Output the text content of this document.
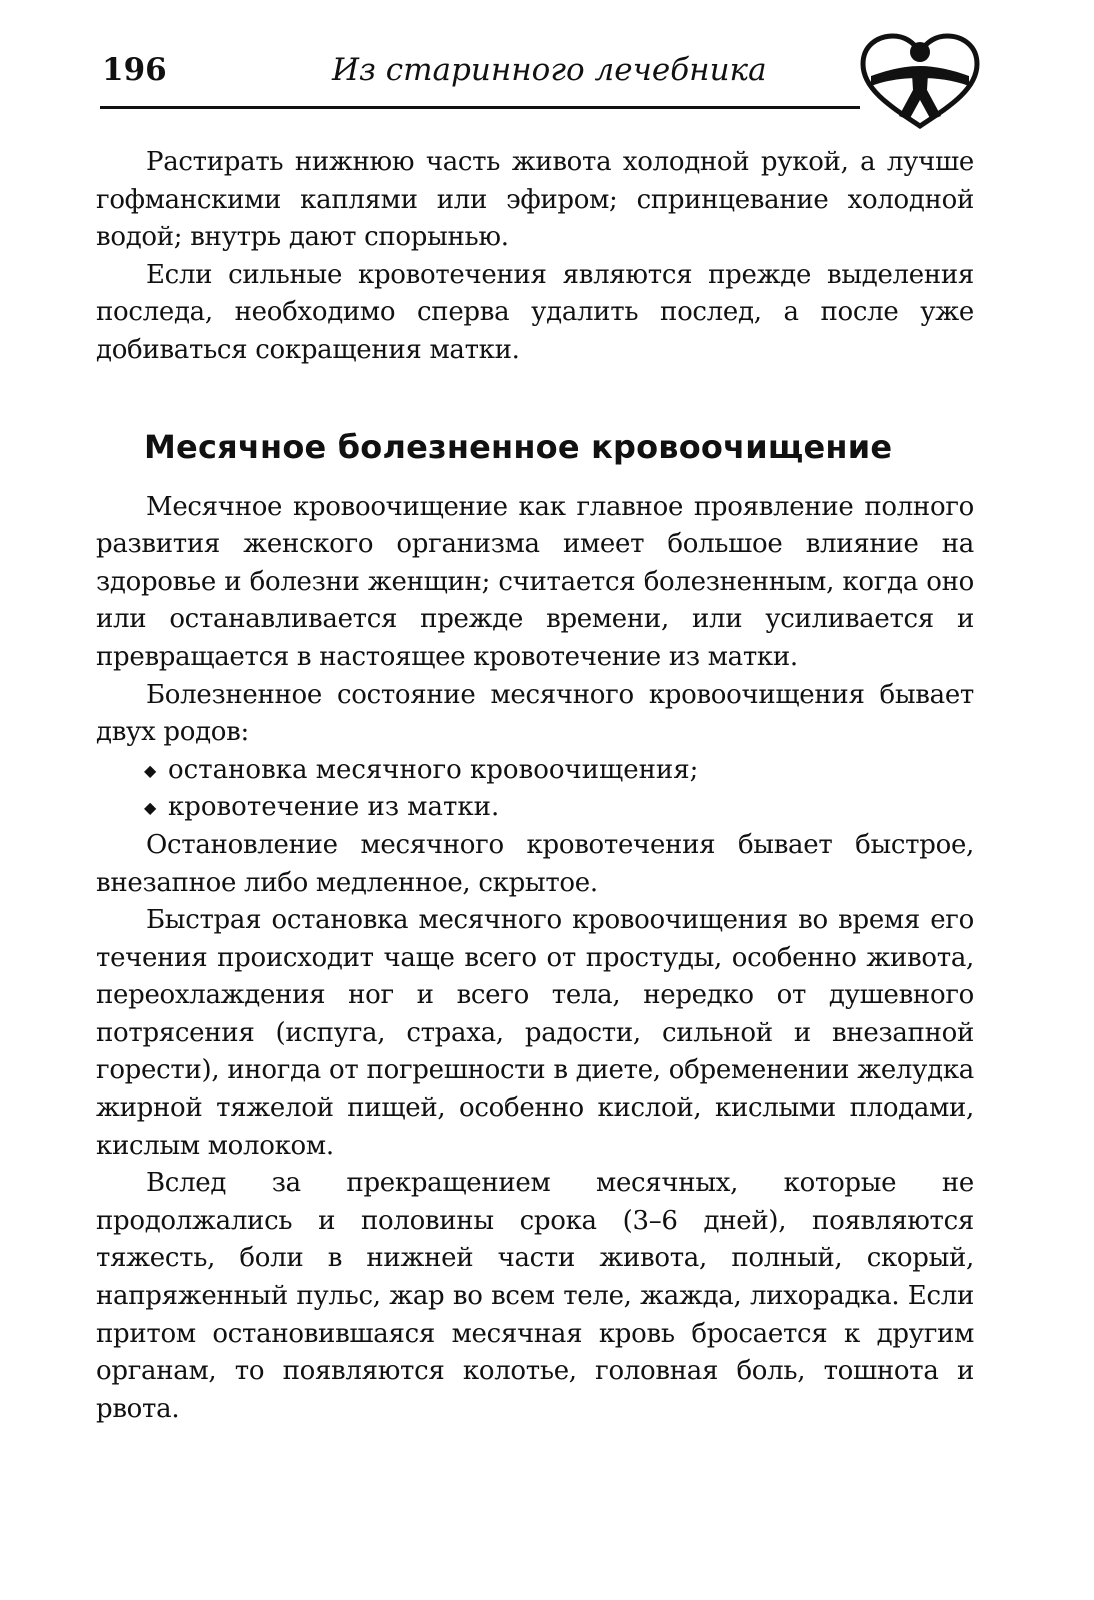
196	Из старинного лечебника

Растирать нижнюю часть живота холодной рукой, а лучше гофманскими каплями или эфиром; спринцевание холодной водой; внутрь дают спорынью.

Если сильные кровотечения являются прежде выделения последа, необходимо сперва удалить послед, а после уже добиваться сокращения матки.

Месячное болезненное кровоочищение

Месячное кровоочищение как главное проявление полного развития женского организма имеет большое влияние на здоровье и болезни женщин; считается болезненным, когда оно или останавливается прежде времени, или усиливается и превращается в настоящее кровотечение из матки.

Болезненное состояние месячного кровоочищения бывает двух родов:

◆ остановка месячного кровоочищения;
◆ кровотечение из матки.

Остановление месячного кровотечения бывает быстрое, внезапное либо медленное, скрытое.

Быстрая остановка месячного кровоочищения во время его течения происходит чаще всего от простуды, особенно живота, переохлаждения ног и всего тела, нередко от душевного потрясения (испуга, страха, радости, сильной и внезапной горести), иногда от погрешности в диете, обременении желудка жирной тяжелой пищей, особенно кислой, кислыми плодами, кислым молоком.

Вслед за прекращением месячных, которые не продолжались и половины срока (3–6 дней), появляются тяжесть, боли в нижней части живота, полный, скорый, напряженный пульс, жар во всем теле, жажда, лихорадка. Если притом остановившаяся месячная кровь бросается к другим органам, то появляются колотье, головная боль, тошнота и рвота.
